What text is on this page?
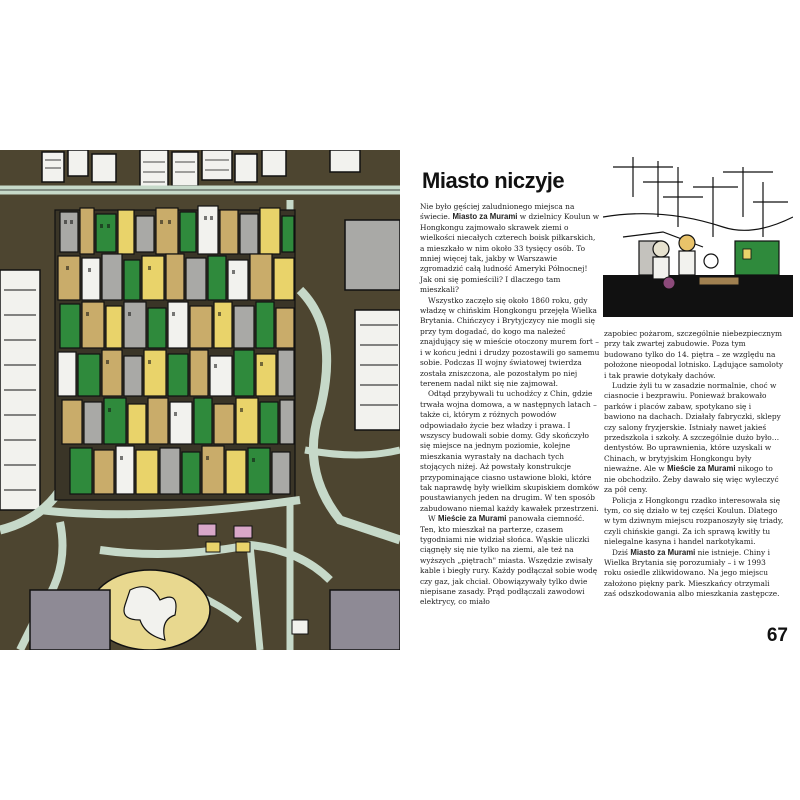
Miasto niczyje

Nie było gęściej zaludnionego miejsca na świecie. Miasto za Murami w dzielnicy Koulun w Hongkongu zajmowało skrawek ziemi o wielkości niecałych czterech boisk piłkarskich, a mieszkało w nim około 33 tysięcy osób. To mniej więcej tak, jakby w Warszawie zgromadzić całą ludność Ameryki Północnej! Jak oni się pomieścili? I dlaczego tam mieszkali?

Wszystko zaczęło się około 1860 roku, gdy władzę w chińskim Hongkongu przejęła Wielka Brytania. Chińczycy i Brytyjczycy nie mogli się przy tym dogadać, do kogo ma należeć znajdujący się w mieście otoczony murem fort – i w końcu jedni i drudzy pozostawili go samemu sobie. Podczas II wojny światowej twierdza została zniszczona, ale pozostałym po niej terenem nadal nikt się nie zajmował.

Odtąd przybywali tu uchodźcy z Chin, gdzie trwała wojna domowa, a w następnych latach – także ci, którym z różnych powodów odpowiadało życie bez władzy i prawa. I wszyscy budowali sobie domy. Gdy skończyło się miejsce na jednym poziomie, kolejne mieszkania wyrastały na dachach tych stojących niżej. Aż powstały konstrukcje przypominające ciasno ustawione bloki, które tak naprawdę były wielkim skupiskiem domków poustawianych jeden na drugim. W ten sposób zabudowano niemal każdy kawałek przestrzeni.

W Mieście za Murami panowała ciemność. Ten, kto mieszkał na parterze, czasem tygodniami nie widział słońca. Wąskie uliczki ciągnęły się nie tylko na ziemi, ale też na wyższych „piętrach" miasta. Wszędzie zwisały kable i biegły rury. Każdy podłączał sobie wodę czy gaz, jak chciał. Obowiązywały tylko dwie niepisane zasady. Prąd podłączali zawodowi elektrycy, co miało

zapobiec pożarom, szczególnie niebezpiecznym przy tak zwartej zabudowie. Poza tym budowano tylko do 14. piętra – ze względu na położone nieopodal lotnisko. Lądujące samoloty i tak prawie dotykały dachów.

Ludzie żyli tu w zasadzie normalnie, choć w ciasnocie i bezprawiu. Ponieważ brakowało parków i placów zabaw, spotykano się i bawiono na dachach. Działały fabryczki, sklepy czy salony fryzjerskie. Istniały nawet jakieś przedszkola i szkoły. A szczególnie dużo było… dentystów. Bo uprawnienia, które uzyskali w Chinach, w brytyjskim Hongkongu były nieważne. Ale w Mieście za Murami nikogo to nie obchodziło. Żeby dawało się więc wyleczyć za pół ceny.

Policja z Hongkongu rzadko interesowała się tym, co się działo w tej części Koulun. Dlatego w tym dziwnym miejscu rozpanoszyły się triady, czyli chińskie gangi. Za ich sprawą kwitły tu nielegalne kasyna i handel narkotykami.

Dziś Miasto za Murami nie istnieje. Chiny i Wielka Brytania się porozumiały – i w 1993 roku osiedle zlikwidowano. Na jego miejscu założono piękny park. Mieszkańcy otrzymali zaś odszkodowania albo mieszkania zastępcze.

67
